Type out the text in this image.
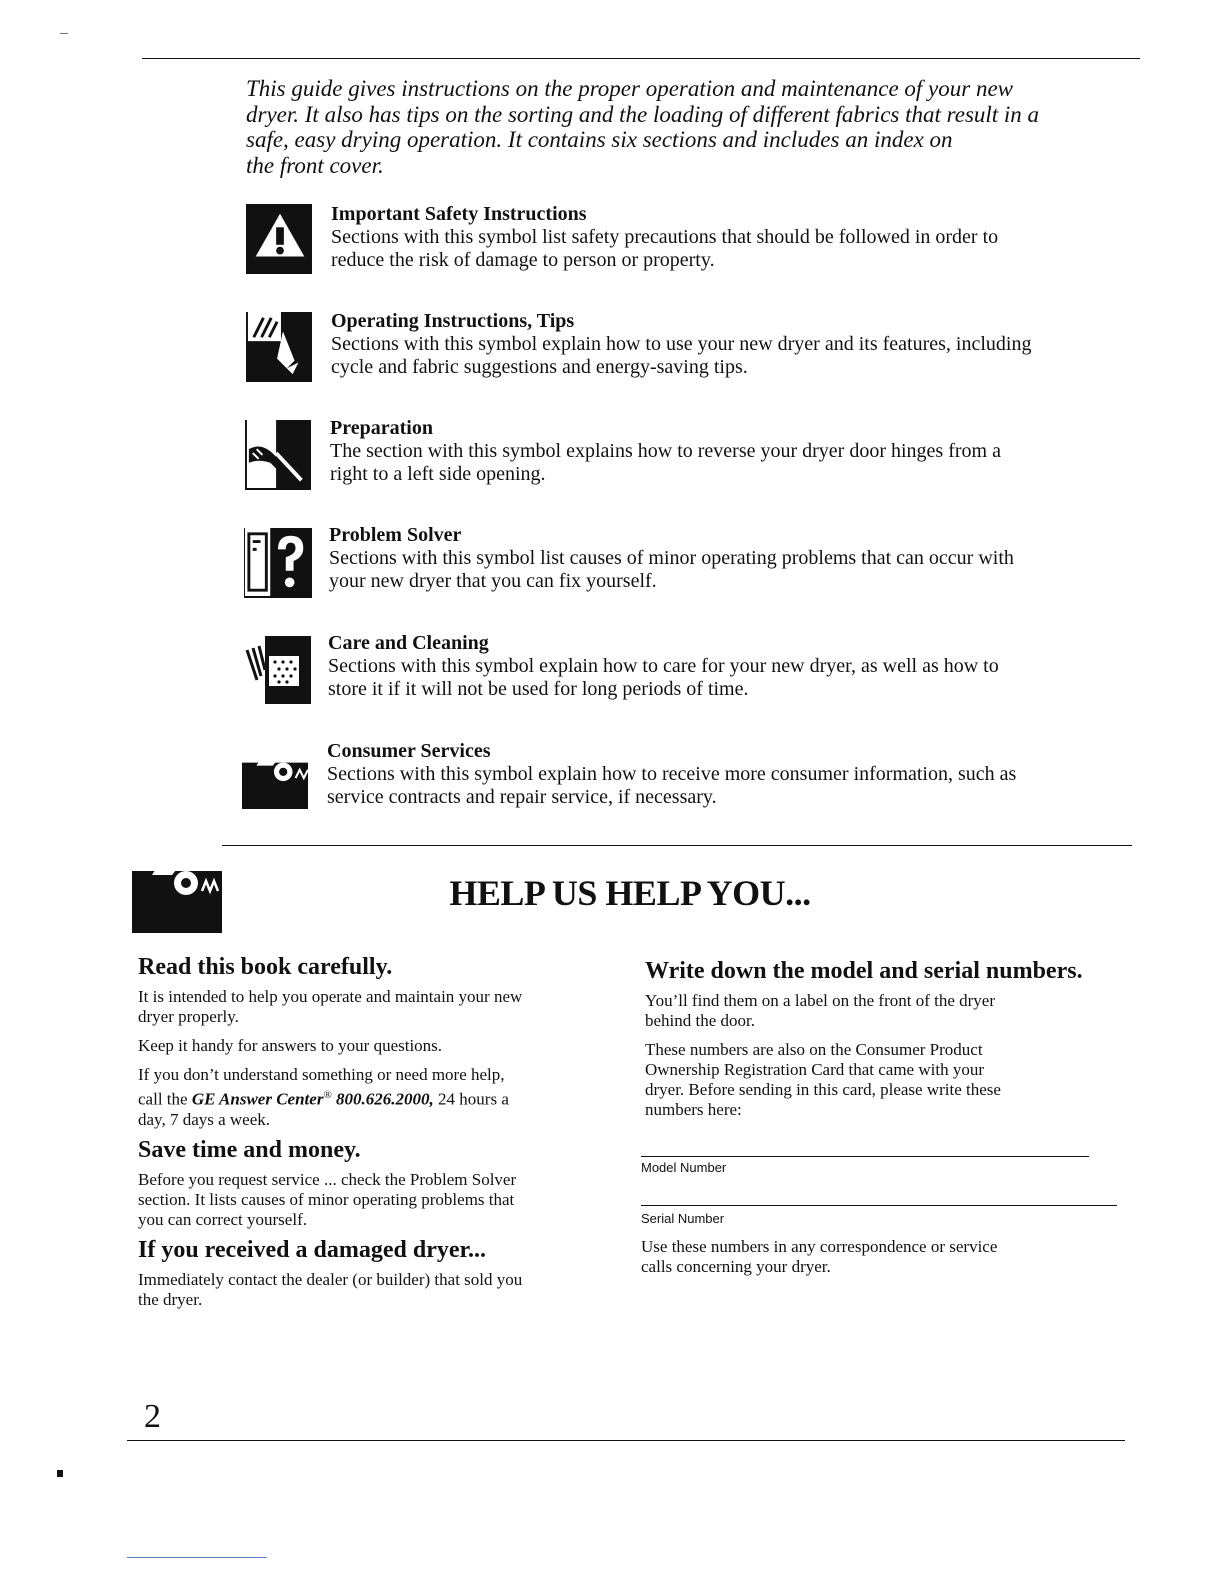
This guide gives instructions on the proper operation and maintenance of your new
dryer. It also has tips on the sorting and the loading of different fabrics that result in a
safe, easy drying operation. It contains six sections and includes an index on
the front cover.
Important Safety Instructions
Sections with this symbol list safety precautions that should be followed in order to
reduce the risk of damage to person or property.
Operating Instructions, Tips
Sections with this symbol explain how to use your new dryer and its features, including
cycle and fabric suggestions and energy-saving tips.
Preparation
The section with this symbol explains how to reverse your dryer door hinges from a
right to a left side opening.
Problem Solver
Sections with this symbol list causes of minor operating problems that can occur with
your new dryer that you can fix yourself.
Care and Cleaning
Sections with this symbol explain how to care for your new dryer, as well as how to
store it if it will not be used for long periods of time.
Consumer Services
Sections with this symbol explain how to receive more consumer information, such as
service contracts and repair service, if necessary.
HELP US HELP YOU...
Read this book carefully.
It is intended to help you operate and maintain your new
dryer properly.
Keep it handy for answers to your questions.
If you don’t understand something or need more help,
call the GE Answer Center® 800.626.2000, 24 hours a
day, 7 days a week.
Save time and money.
Before you request service ... check the Problem Solver
section. It lists causes of minor operating problems that
you can correct yourself.
If you received a damaged dryer...
Immediately contact the dealer (or builder) that sold you
the dryer.
Write down the model and serial numbers.
You’ll find them on a label on the front of the dryer
behind the door.
These numbers are also on the Consumer Product
Ownership Registration Card that came with your
dryer. Before sending in this card, please write these
numbers here:
Model Number
Serial Number
Use these numbers in any correspondence or service
calls concerning your dryer.
2
